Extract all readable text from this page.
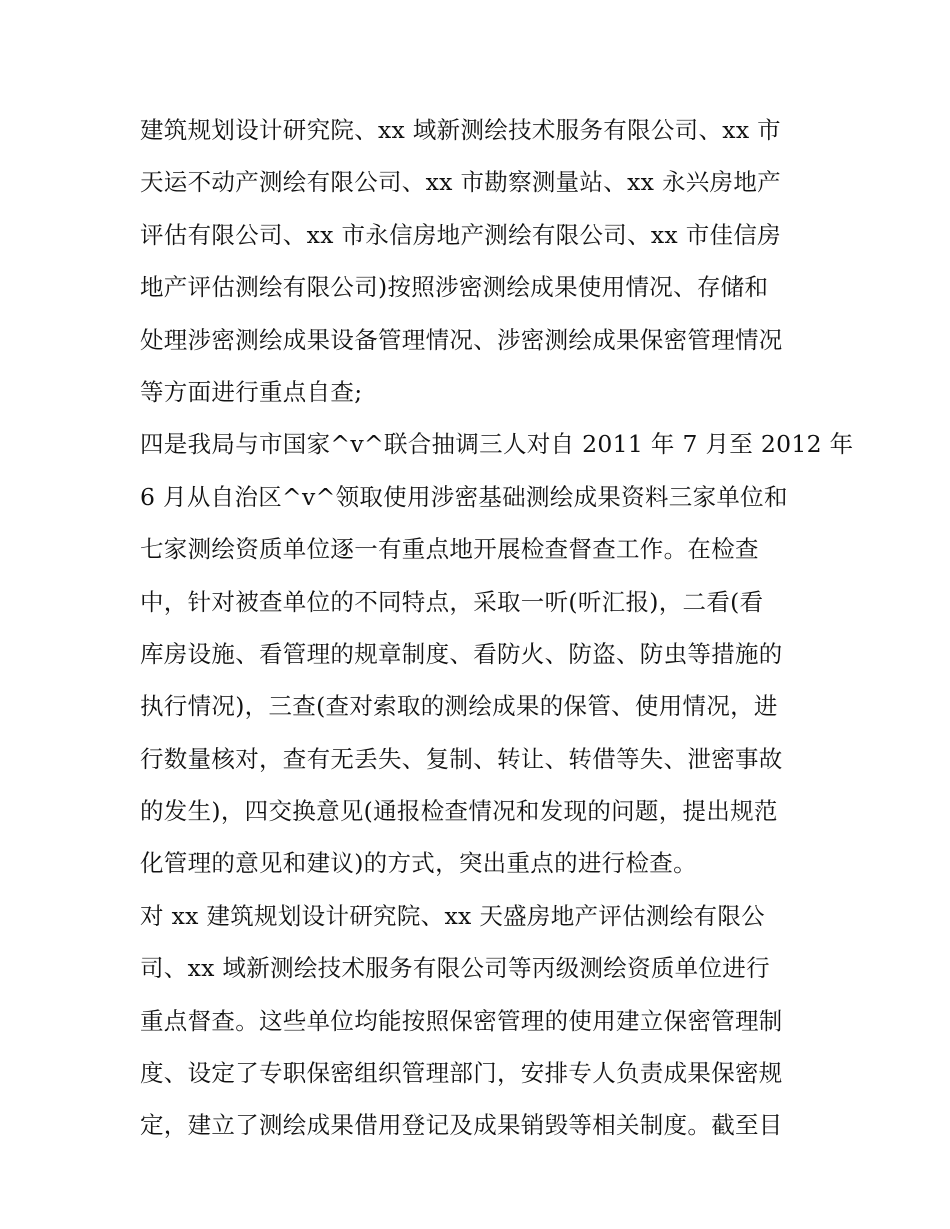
建筑规划设计研究院、xx 域新测绘技术服务有限公司、xx 市
天运不动产测绘有限公司、xx 市勘察测量站、xx 永兴房地产
评估有限公司、xx 市永信房地产测绘有限公司、xx 市佳信房
地产评估测绘有限公司)按照涉密测绘成果使用情况、存储和
处理涉密测绘成果设备管理情况、涉密测绘成果保密管理情况
等方面进行重点自查;
四是我局与市国家^v^联合抽调三人对自 2011 年 7 月至 2012 年
6 月从自治区^v^领取使用涉密基础测绘成果资料三家单位和
七家测绘资质单位逐一有重点地开展检查督查工作。在检查
中，针对被查单位的不同特点，采取一听(听汇报)，二看(看
库房设施、看管理的规章制度、看防火、防盗、防虫等措施的
执行情况)，三查(查对索取的测绘成果的保管、使用情况，进
行数量核对，查有无丢失、复制、转让、转借等失、泄密事故
的发生)，四交换意见(通报检查情况和发现的问题，提出规范
化管理的意见和建议)的方式，突出重点的进行检查。
对 xx 建筑规划设计研究院、xx 天盛房地产评估测绘有限公
司、xx 域新测绘技术服务有限公司等丙级测绘资质单位进行
重点督查。这些单位均能按照保密管理的使用建立保密管理制
度、设定了专职保密组织管理部门，安排专人负责成果保密规
定，建立了测绘成果借用登记及成果销毁等相关制度。截至目
